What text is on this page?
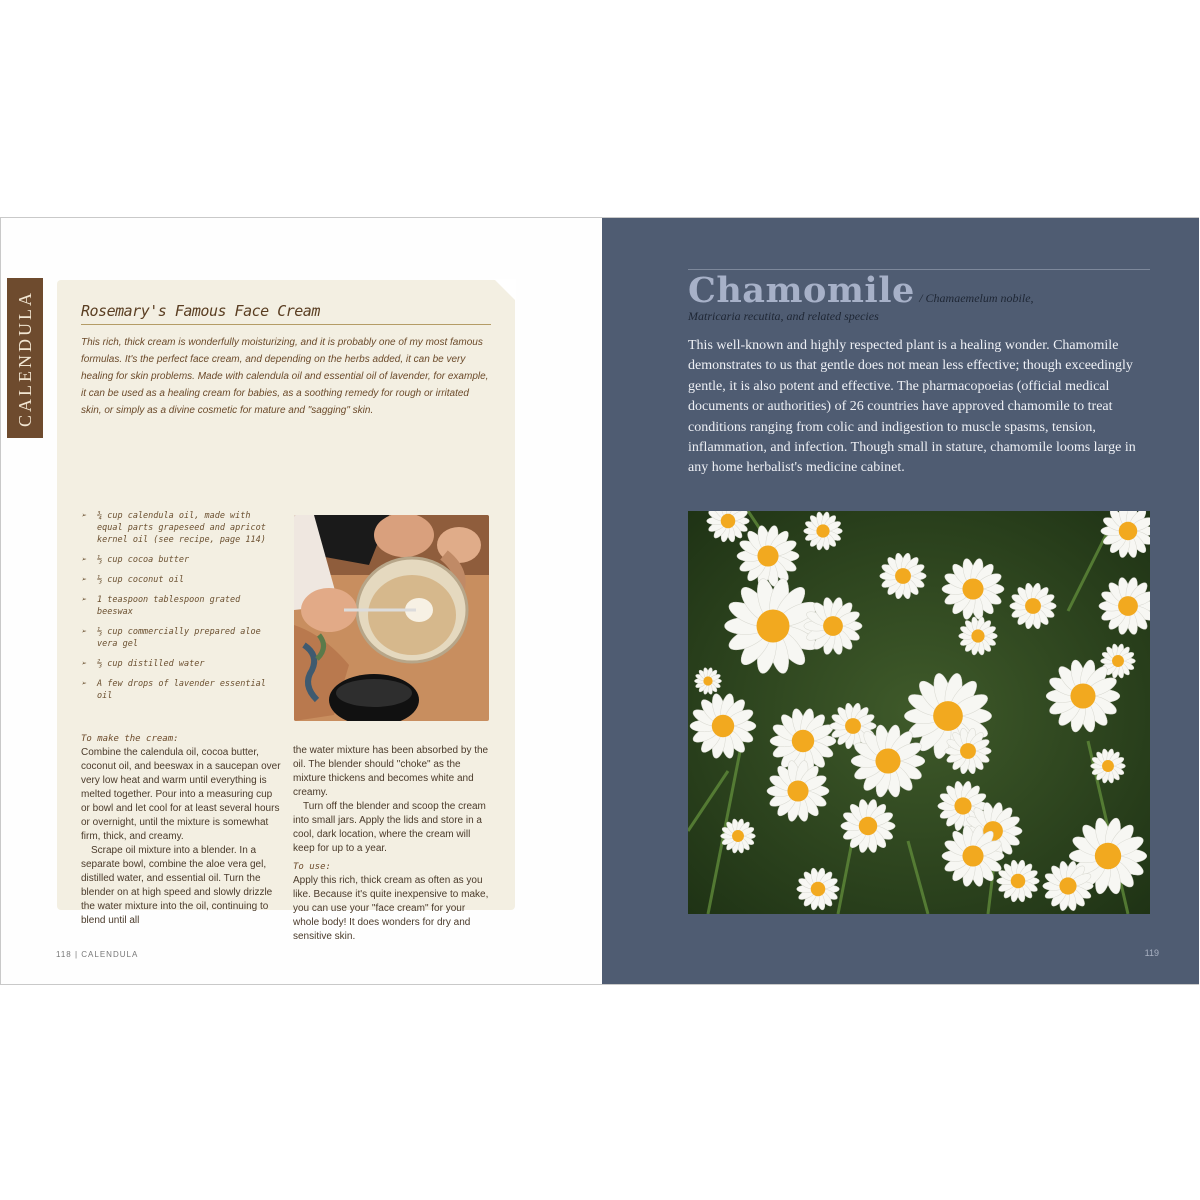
CALENDULA	Rosemary's Famous Face Cream

This rich, thick cream is wonderfully moisturizing, and it is probably one of my most famous formulas. It's the perfect face cream, and depending on the herbs added, it can be very healing for skin problems. Made with calendula oil and essential oil of lavender, for example, it can be used as a healing cream for babies, as a soothing remedy for rough or irritated skin, or simply as a divine cosmetic for mature and "sagging" skin.

➢ ¾ cup calendula oil, made with equal parts grapeseed and apricot kernel oil (see recipe, page 114)
➢ ⅓ cup cocoa butter
➢ ⅓ cup coconut oil
➢ 1 teaspoon tablespoon grated beeswax
➢ ⅓ cup commercially prepared aloe vera gel
➢ ⅔ cup distilled water
➢ A few drops of lavender essential oil

To make the cream:

Combine the calendula oil, cocoa butter, coconut oil, and beeswax in a saucepan over very low heat and warm until everything is melted together. Pour into a measuring cup or bowl and let cool for at least several hours or overnight, until the mixture is somewhat firm, thick, and creamy.

Scrape oil mixture into a blender. In a separate bowl, combine the aloe vera gel, distilled water, and essential oil. Turn the blender on at high speed and slowly drizzle the water mixture into the oil, continuing to blend until all

the water mixture has been absorbed by the oil. The blender should "choke" as the mixture thickens and becomes white and creamy.

Turn off the blender and scoop the cream into small jars. Apply the lids and store in a cool, dark location, where the cream will keep for up to a year.

To use:

Apply this rich, thick cream as often as you like. Because it's quite inexpensive to make, you can use your "face cream" for your whole body! It does wonders for dry and sensitive skin.

118 | CALENDULA
Chamomile / Chamaemelum nobile,
Matricaria recutita, and related species

This well-known and highly respected plant is a healing wonder. Chamomile demonstrates to us that gentle does not mean less effective; though exceedingly gentle, it is also potent and effective. The pharmacopoeias (official medical documents or authorities) of 26 countries have approved chamomile to treat conditions ranging from colic and indigestion to muscle spasms, tension, inflammation, and infection. Though small in stature, chamomile looms large in any home herbalist's medicine cabinet.

119
